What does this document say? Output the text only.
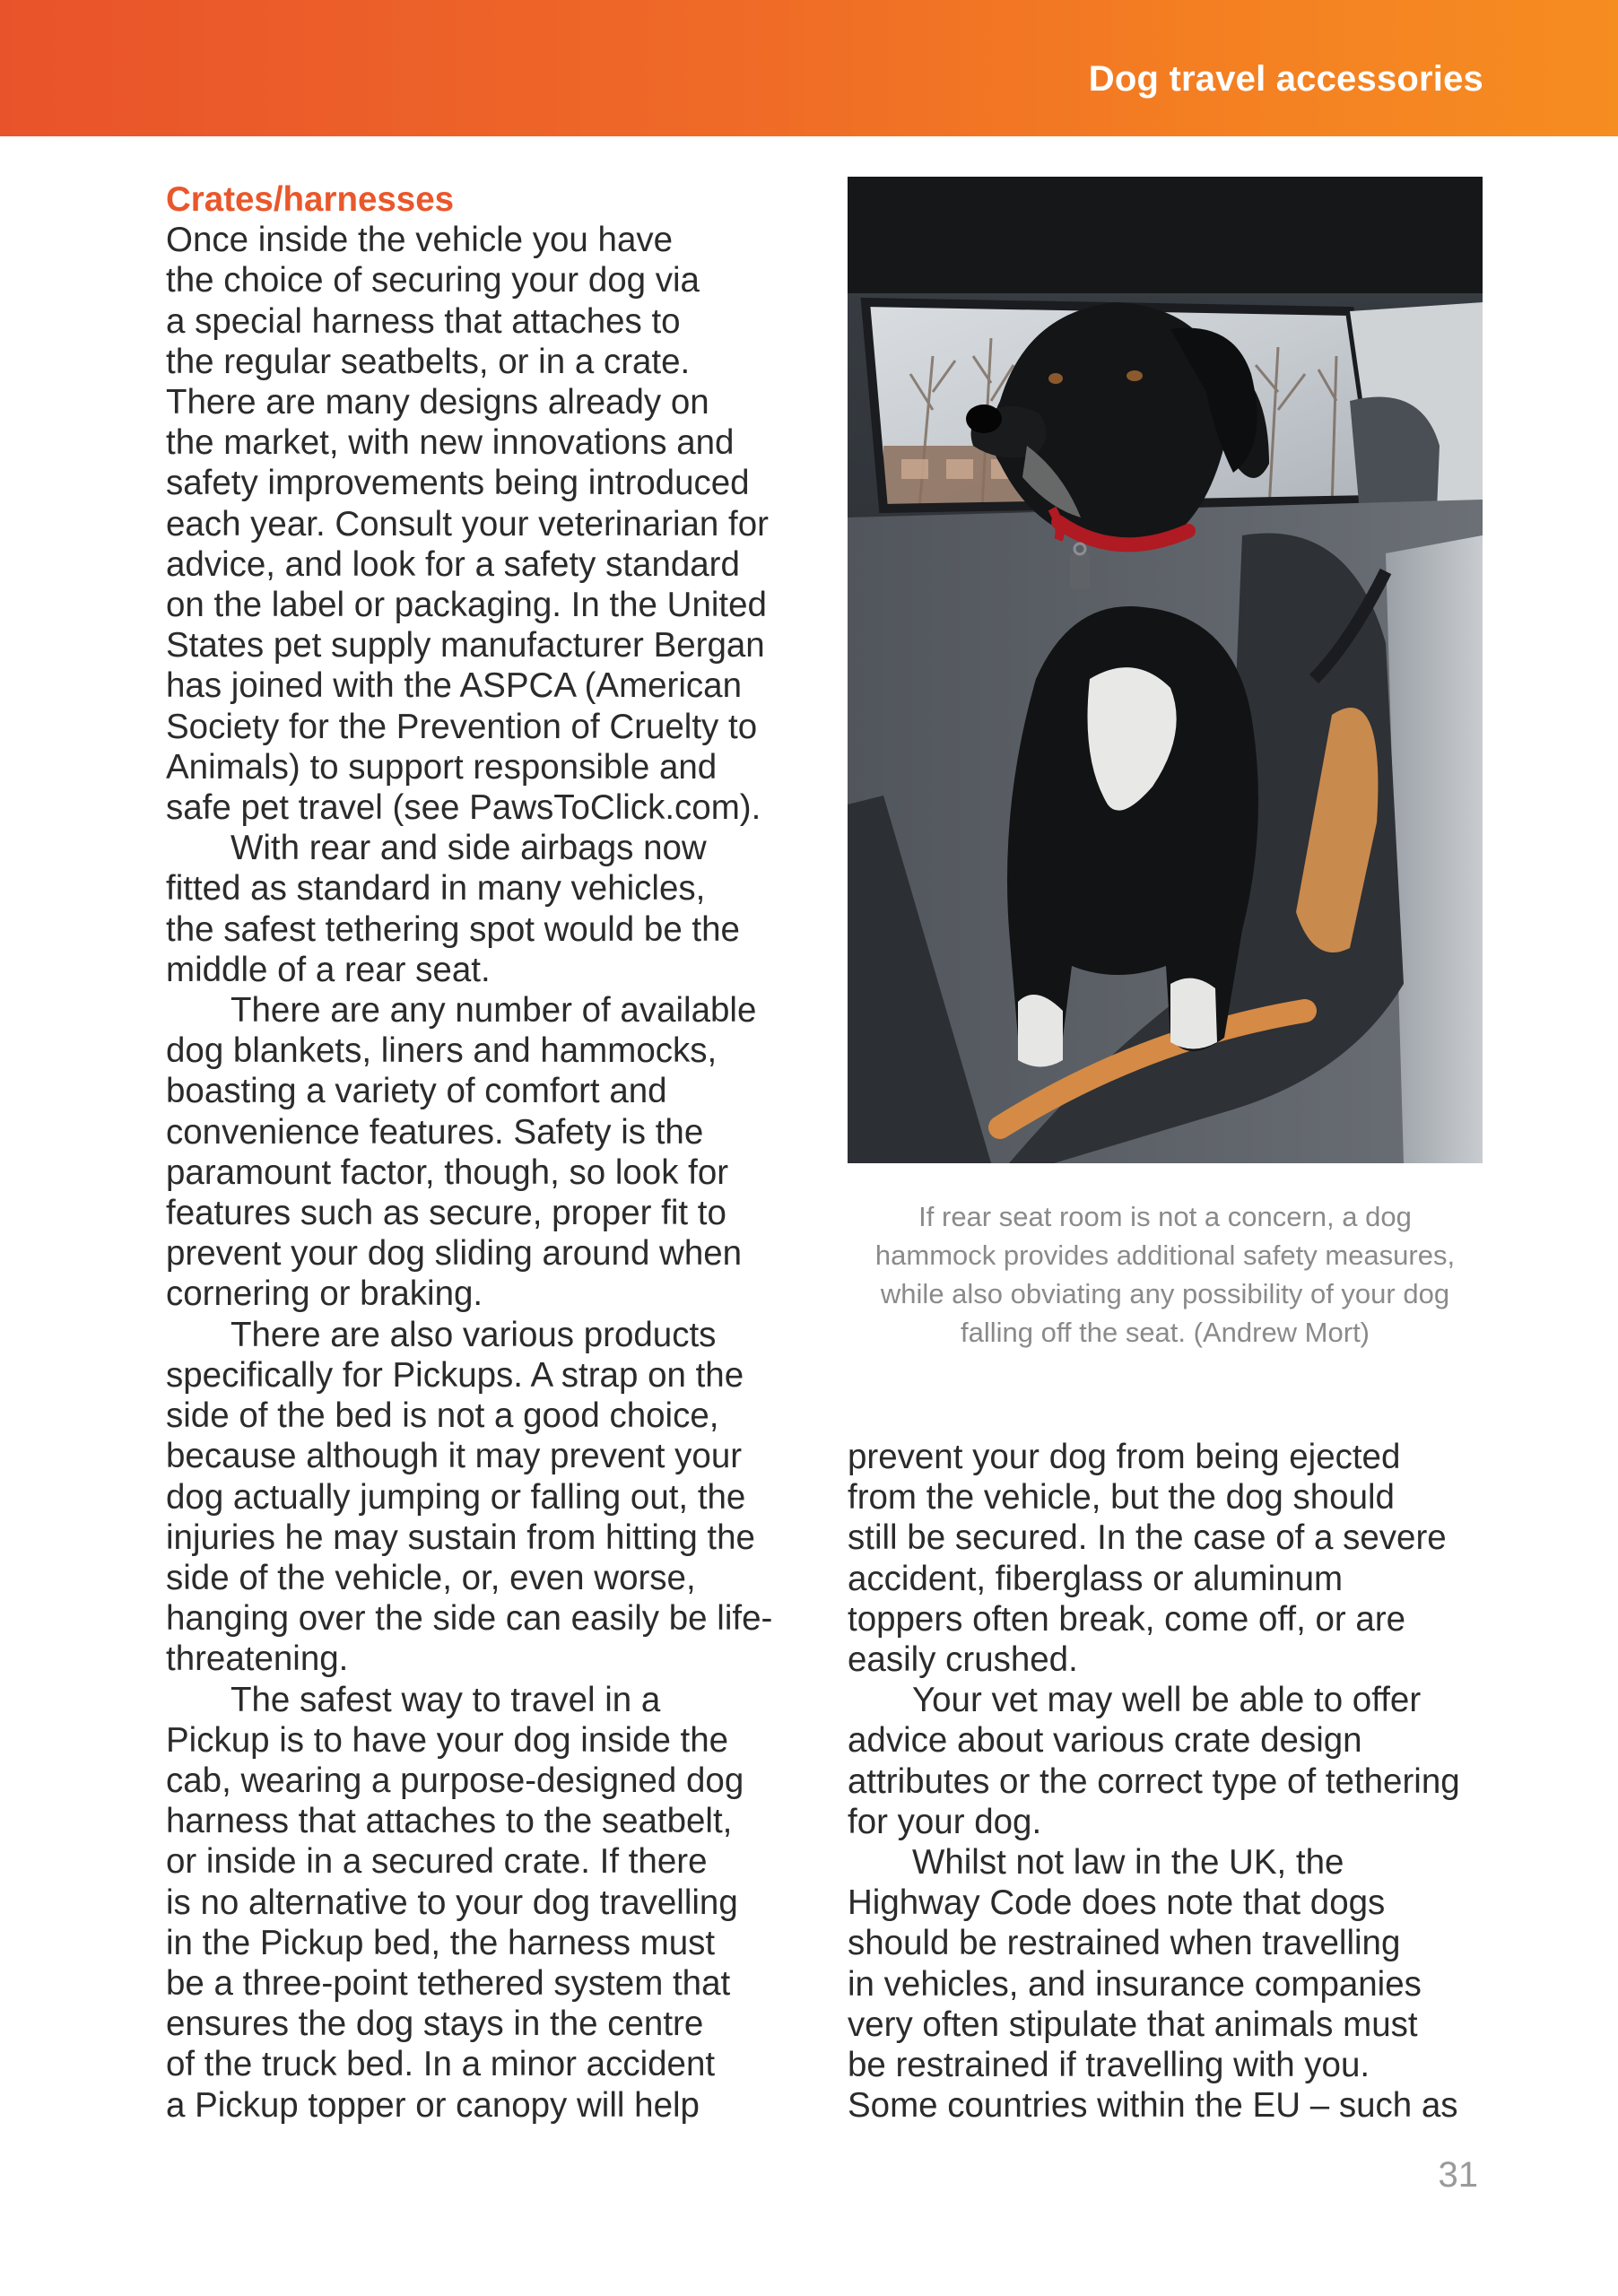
Dog travel accessories
Crates/harnesses
Once inside the vehicle you have
the choice of securing your dog via
a special harness that attaches to
the regular seatbelts, or in a crate.
There are many designs already on
the market, with new innovations and
safety improvements being introduced
each year. Consult your veterinarian for
advice, and look for a safety standard
on the label or packaging. In the United
States pet supply manufacturer Bergan
has joined with the ASPCA (American
Society for the Prevention of Cruelty to
Animals) to support responsible and
safe pet travel (see PawsToClick.com).
With rear and side airbags now
fitted as standard in many vehicles,
the safest tethering spot would be the
middle of a rear seat.
There are any number of available
dog blankets, liners and hammocks,
boasting a variety of comfort and
convenience features. Safety is the
paramount factor, though, so look for
features such as secure, proper fit to
prevent your dog sliding around when
cornering or braking.
There are also various products
specifically for Pickups. A strap on the
side of the bed is not a good choice,
because although it may prevent your
dog actually jumping or falling out, the
injuries he may sustain from hitting the
side of the vehicle, or, even worse,
hanging over the side can easily be life-
threatening.
The safest way to travel in a
Pickup is to have your dog inside the
cab, wearing a purpose-designed dog
harness that attaches to the seatbelt,
or inside in a secured crate. If there
is no alternative to your dog travelling
in the Pickup bed, the harness must
be a three-point tethered system that
ensures the dog stays in the centre
of the truck bed. In a minor accident
a Pickup topper or canopy will help
If rear seat room is not a concern, a dog
hammock provides additional safety measures,
while also obviating any possibility of your dog
falling off the seat. (Andrew Mort)
prevent your dog from being ejected
from the vehicle, but the dog should
still be secured. In the case of a severe
accident, fiberglass or aluminum
toppers often break, come off, or are
easily crushed.
Your vet may well be able to offer
advice about various crate design
attributes or the correct type of tethering
for your dog.
Whilst not law in the UK, the
Highway Code does note that dogs
should be restrained when travelling
in vehicles, and insurance companies
very often stipulate that animals must
be restrained if travelling with you.
Some countries within the EU – such as
31
